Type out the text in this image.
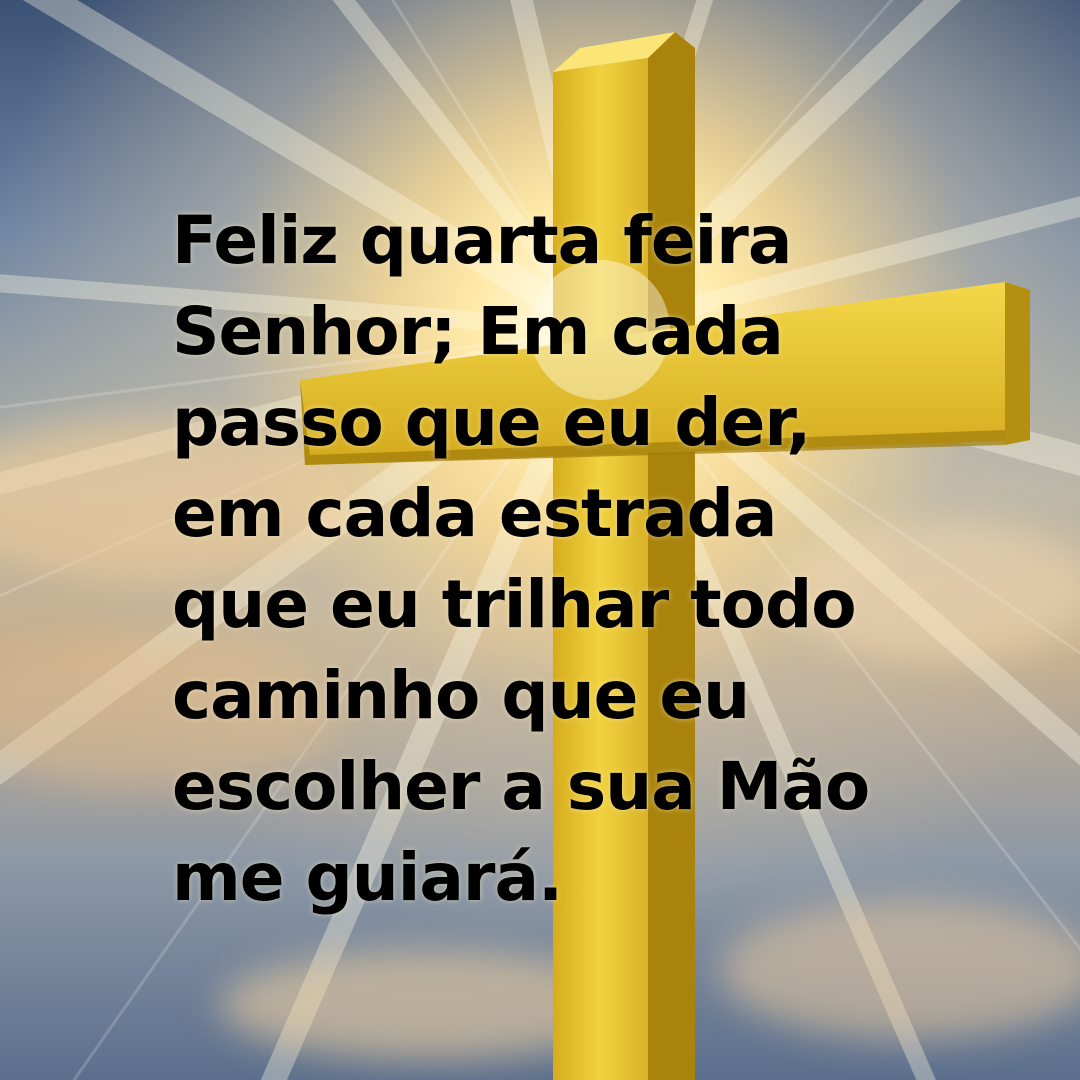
Feliz quarta feira
Senhor; Em cada
passo que eu der,
em cada estrada
que eu trilhar todo
caminho que eu
escolher a sua Mão
me guiará.
